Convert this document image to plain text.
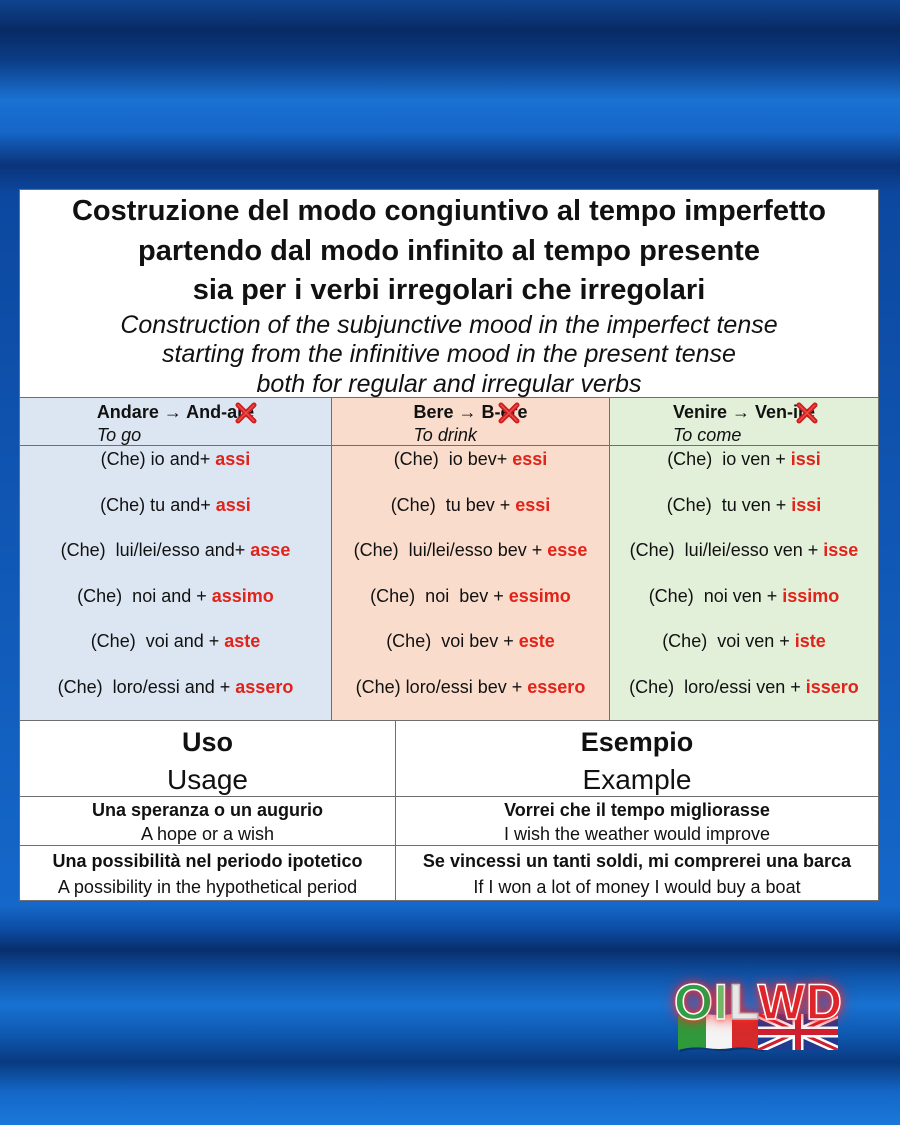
Costruzione del modo congiuntivo al tempo imperfetto
partendo dal modo infinito al tempo presente
sia per i verbi irregolari che irregolari
Construction of the subjunctive mood in the imperfect tense
starting from the infinitive mood in the present tense
both for regular and irregular verbs
Andare → And-are
To go
(Che) io and+ assi
(Che) tu and+ assi
(Che)  lui/lei/esso and+ asse
(Che)  noi and + assimo
(Che)  voi and + aste
(Che)  loro/essi and + assero
Bere → B-er
e
To drink
(Che)  io bev+ essi
(Che)  tu bev + essi
(Che)  lui/lei/esso bev + esse
(Che)  noi  bev + essimo
(Che)  voi bev + este
(Che) loro/essi bev + essero
Venire → Ven-ire
To come
(Che)  io ven + issi
(Che)  tu ven + issi
(Che)  lui/lei/esso ven + isse
(Che)  noi ven + issimo
(Che)  voi ven + iste
(Che)  loro/essi ven + issero
Uso
Usage
Esempio
Example
Una speranza o un augurio
A hope or a wish
Vorrei che il tempo migliorasse
I wish the weather would improve
Una possibilità nel periodo ipotetico
A possibility in the hypothetical period
Se vincessi un tanti soldi, mi comprerei una barca
If I won a lot of money I would buy a boat
OILWD
